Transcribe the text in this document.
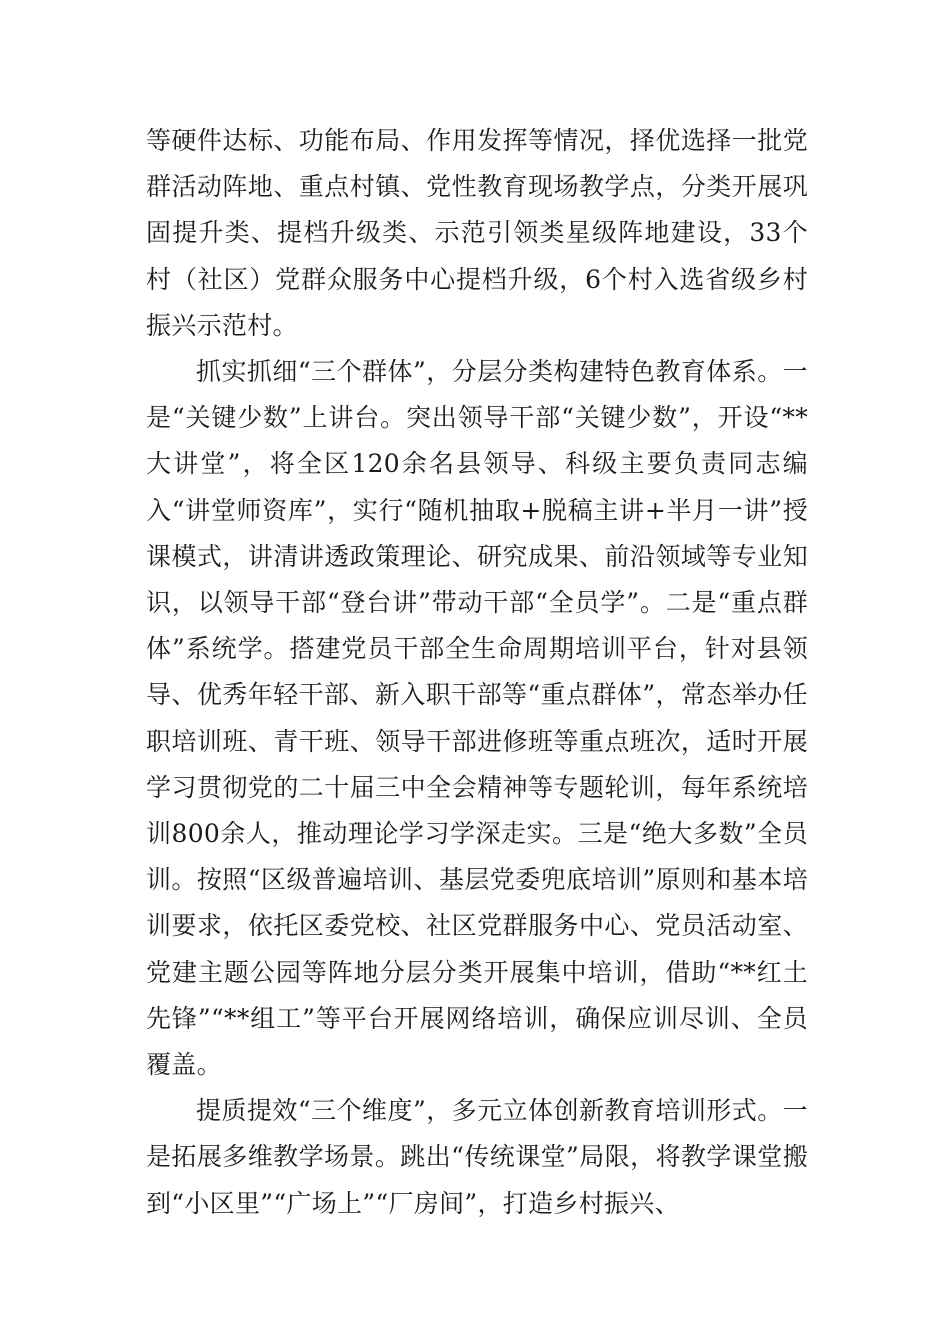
等硬件达标、功能布局、作用发挥等情况，择优选择一批党群活动阵地、重点村镇、党性教育现场教学点，分类开展巩固提升类、提档升级类、示范引领类星级阵地建设，33个村（社区）党群众服务中心提档升级，6个村入选省级乡村振兴示范村。

抓实抓细“三个群体”，分层分类构建特色教育体系。一是“关键少数”上讲台。突出领导干部“关键少数”，开设“**大讲堂”，将全区120余名县领导、科级主要负责同志编入“讲堂师资库”，实行“随机抽取+脱稿主讲+半月一讲”授课模式，讲清讲透政策理论、研究成果、前沿领域等专业知识，以领导干部“登台讲”带动干部“全员学”。二是“重点群体”系统学。搭建党员干部全生命周期培训平台，针对县领导、优秀年轻干部、新入职干部等“重点群体”，常态举办任职培训班、青干班、领导干部进修班等重点班次，适时开展学习贯彻党的二十届三中全会精神等专题轮训，每年系统培训800余人，推动理论学习学深走实。三是“绝大多数”全员训。按照“区级普遍培训、基层党委兜底培训”原则和基本培训要求，依托区委党校、社区党群服务中心、党员活动室、党建主题公园等阵地分层分类开展集中培训，借助“**红土先锋”“**组工”等平台开展网络培训，确保应训尽训、全员覆盖。

提质提效“三个维度”，多元立体创新教育培训形式。一是拓展多维教学场景。跳出“传统课堂”局限，将教学课堂搬到“小区里”“广场上”“厂房间”，打造乡村振兴、
